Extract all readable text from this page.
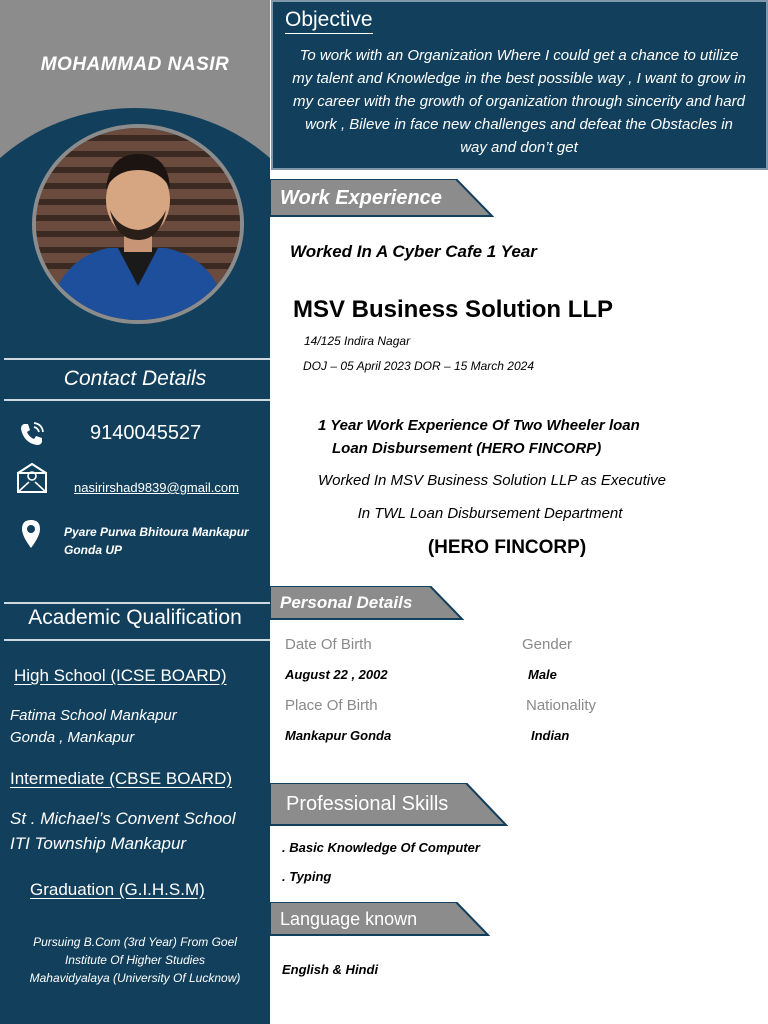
MOHAMMAD NASIR
Contact Details
9140045527
nasirirshad9839@gmail.com
Pyare Purwa Bhitoura Mankapur Gonda UP
Academic Qualification
High School (ICSE BOARD)
Fatima School Mankapur
Gonda , Mankapur
Intermediate (CBSE BOARD)
St . Michael’s Convent School
ITI Township Mankapur
Graduation (G.I.H.S.M)
Pursuing B.Com (3rd Year) From Goel
Institute Of Higher Studies
Mahavidyalaya (University Of Lucknow)
Objective
To work with an Organization Where I could get a chance to utilize my talent and Knowledge in the best possible way , I want to grow in my career with the growth of organization through sincerity and hard work , Bileve in face new challenges and defeat the Obstacles in way and don’t get
Work Experience
Worked In A Cyber Cafe 1 Year
MSV Business Solution LLP
14/125 Indira Nagar
DOJ – 05 April 2023 DOR – 15 March 2024
1 Year Work Experience Of Two Wheeler loan
Loan Disbursement (HERO FINCORP)
Worked In MSV Business Solution LLP as Executive
In TWL Loan Disbursement Department
(HERO FINCORP)
Personal Details
Date Of Birth	Gender
August 22 , 2002	Male
Place Of Birth	Nationality
Mankapur Gonda	Indian
Professional Skills
. Basic Knowledge Of Computer
. Typing
Language known
English & Hindi
